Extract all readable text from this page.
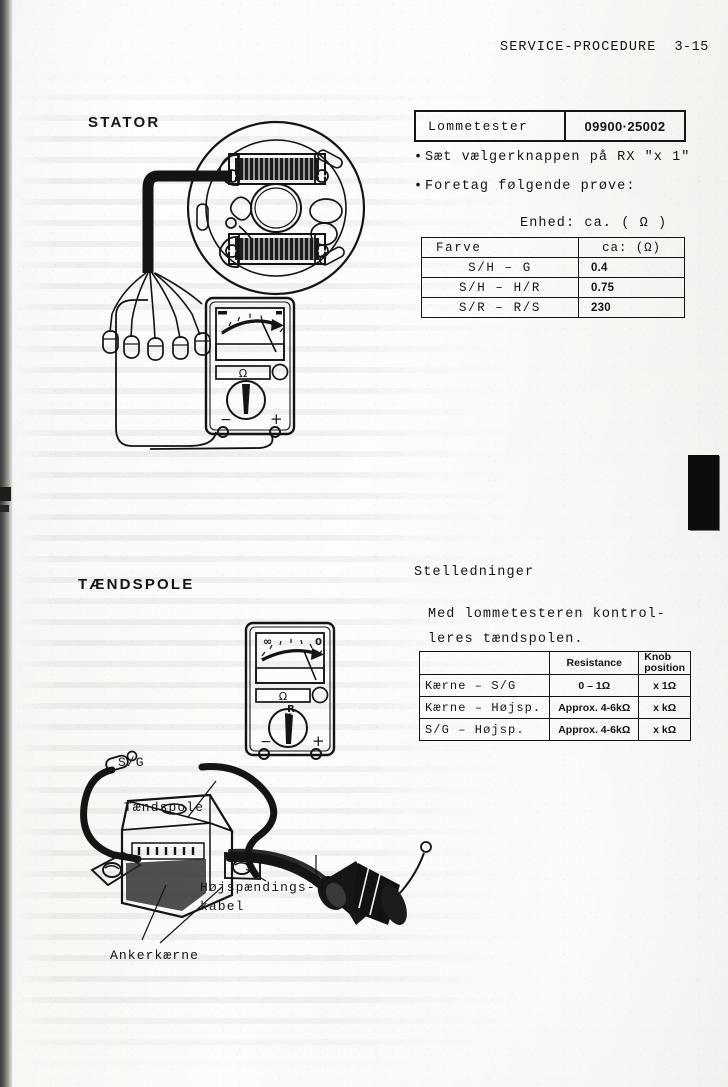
SERVICE-PROCEDURE 3-15
STATOR
Ω
−	+
Lommetester	09900·25002
• Sæt vælgerknappen på RX "x 1"
• Foretag følgende prøve:
Enhed: ca. ( Ω )
Farve	ca: (Ω)
S/H – G	0.4
S/H – H/R	0.75
S/R – R/S	230
TÆNDSPOLE
Stelledninger
Med lommetesteren kontrol-
leres tændspolen.
	Resistance	Knob
position
Kærne – S/G	0 – 1Ω	x 1Ω
Kærne – Højsp.	Approx. 4-6kΩ	x kΩ
S/G – Højsp.	Approx. 4-6kΩ	x kΩ
∞	0
Ω
R
−	+
S/G
Tændspole
Højspændings-
kabel
Ankerkærne
